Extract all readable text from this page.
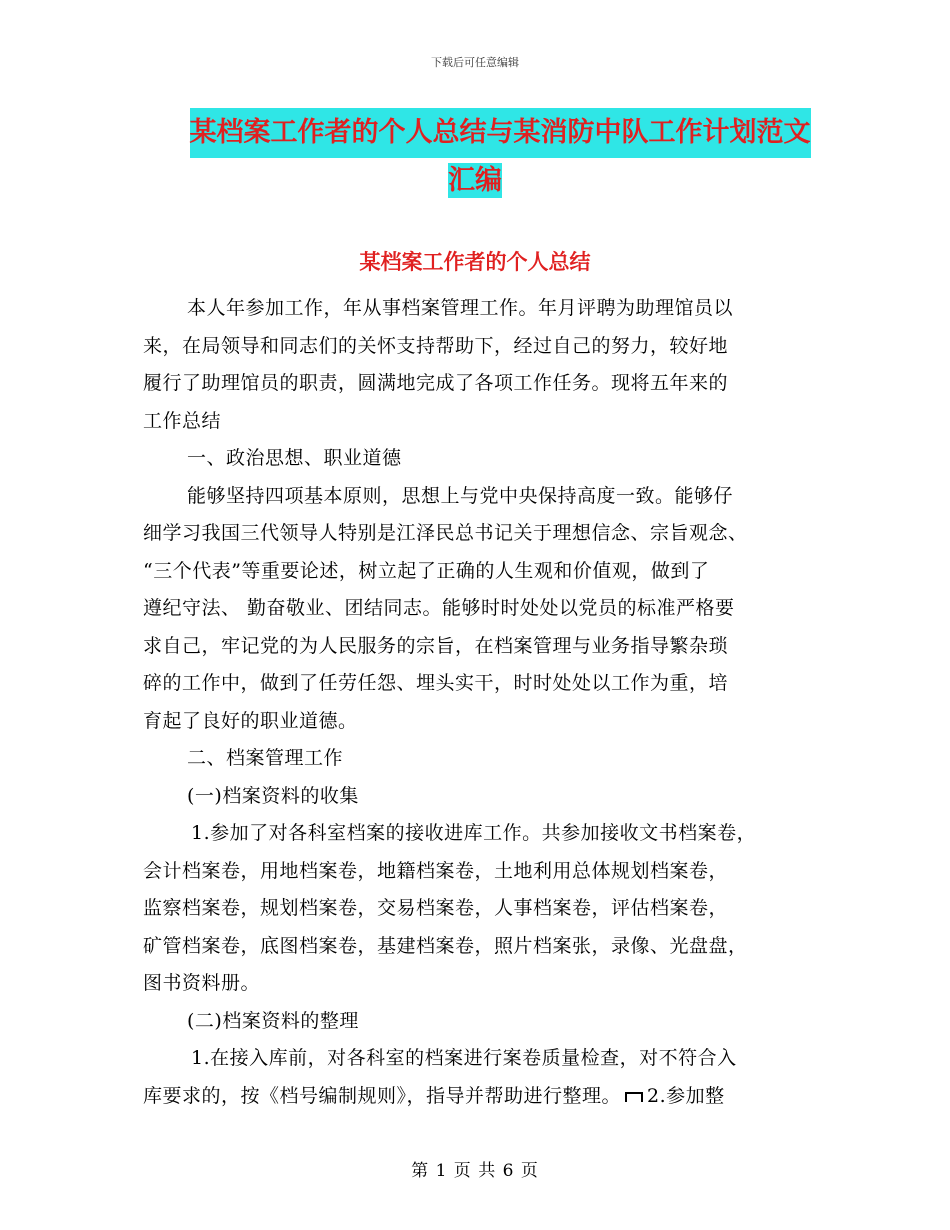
下载后可任意编辑
某档案工作者的个人总结与某消防中队工作计划范文
汇编
某档案工作者的个人总结
本人年参加工作，年从事档案管理工作。年月评聘为助理馆员以
来，在局领导和同志们的关怀支持帮助下，经过自己的努力，较好地
履行了助理馆员的职责，圆满地完成了各项工作任务。现将五年来的
工作总结
一、政治思想、职业道德
能够坚持四项基本原则，思想上与党中央保持高度一致。能够仔
细学习我国三代领导人特别是江泽民总书记关于理想信念、宗旨观念、
“三个代表”等重要论述，树立起了正确的人生观和价值观，做到了
遵纪守法、 勤奋敬业、团结同志。能够时时处处以党员的标准严格要
求自己，牢记党的为人民服务的宗旨，在档案管理与业务指导繁杂琐
碎的工作中，做到了任劳任怨、埋头实干，时时处处以工作为重，培
育起了良好的职业道德。
二、档案管理工作
(一)档案资料的收集
1.参加了对各科室档案的接收进库工作。共参加接收文书档案卷，
会计档案卷，用地档案卷，地籍档案卷，土地利用总体规划档案卷，
监察档案卷，规划档案卷，交易档案卷，人事档案卷，评估档案卷，
矿管档案卷，底图档案卷，基建档案卷，照片档案张，录像、光盘盘，
图书资料册。
(二)档案资料的整理
1.在接入库前，对各科室的档案进行案卷质量检查，对不符合入
库要求的，按《档号编制规则》，指导并帮助进行整理。 2.参加整
第 1 页 共 6 页
